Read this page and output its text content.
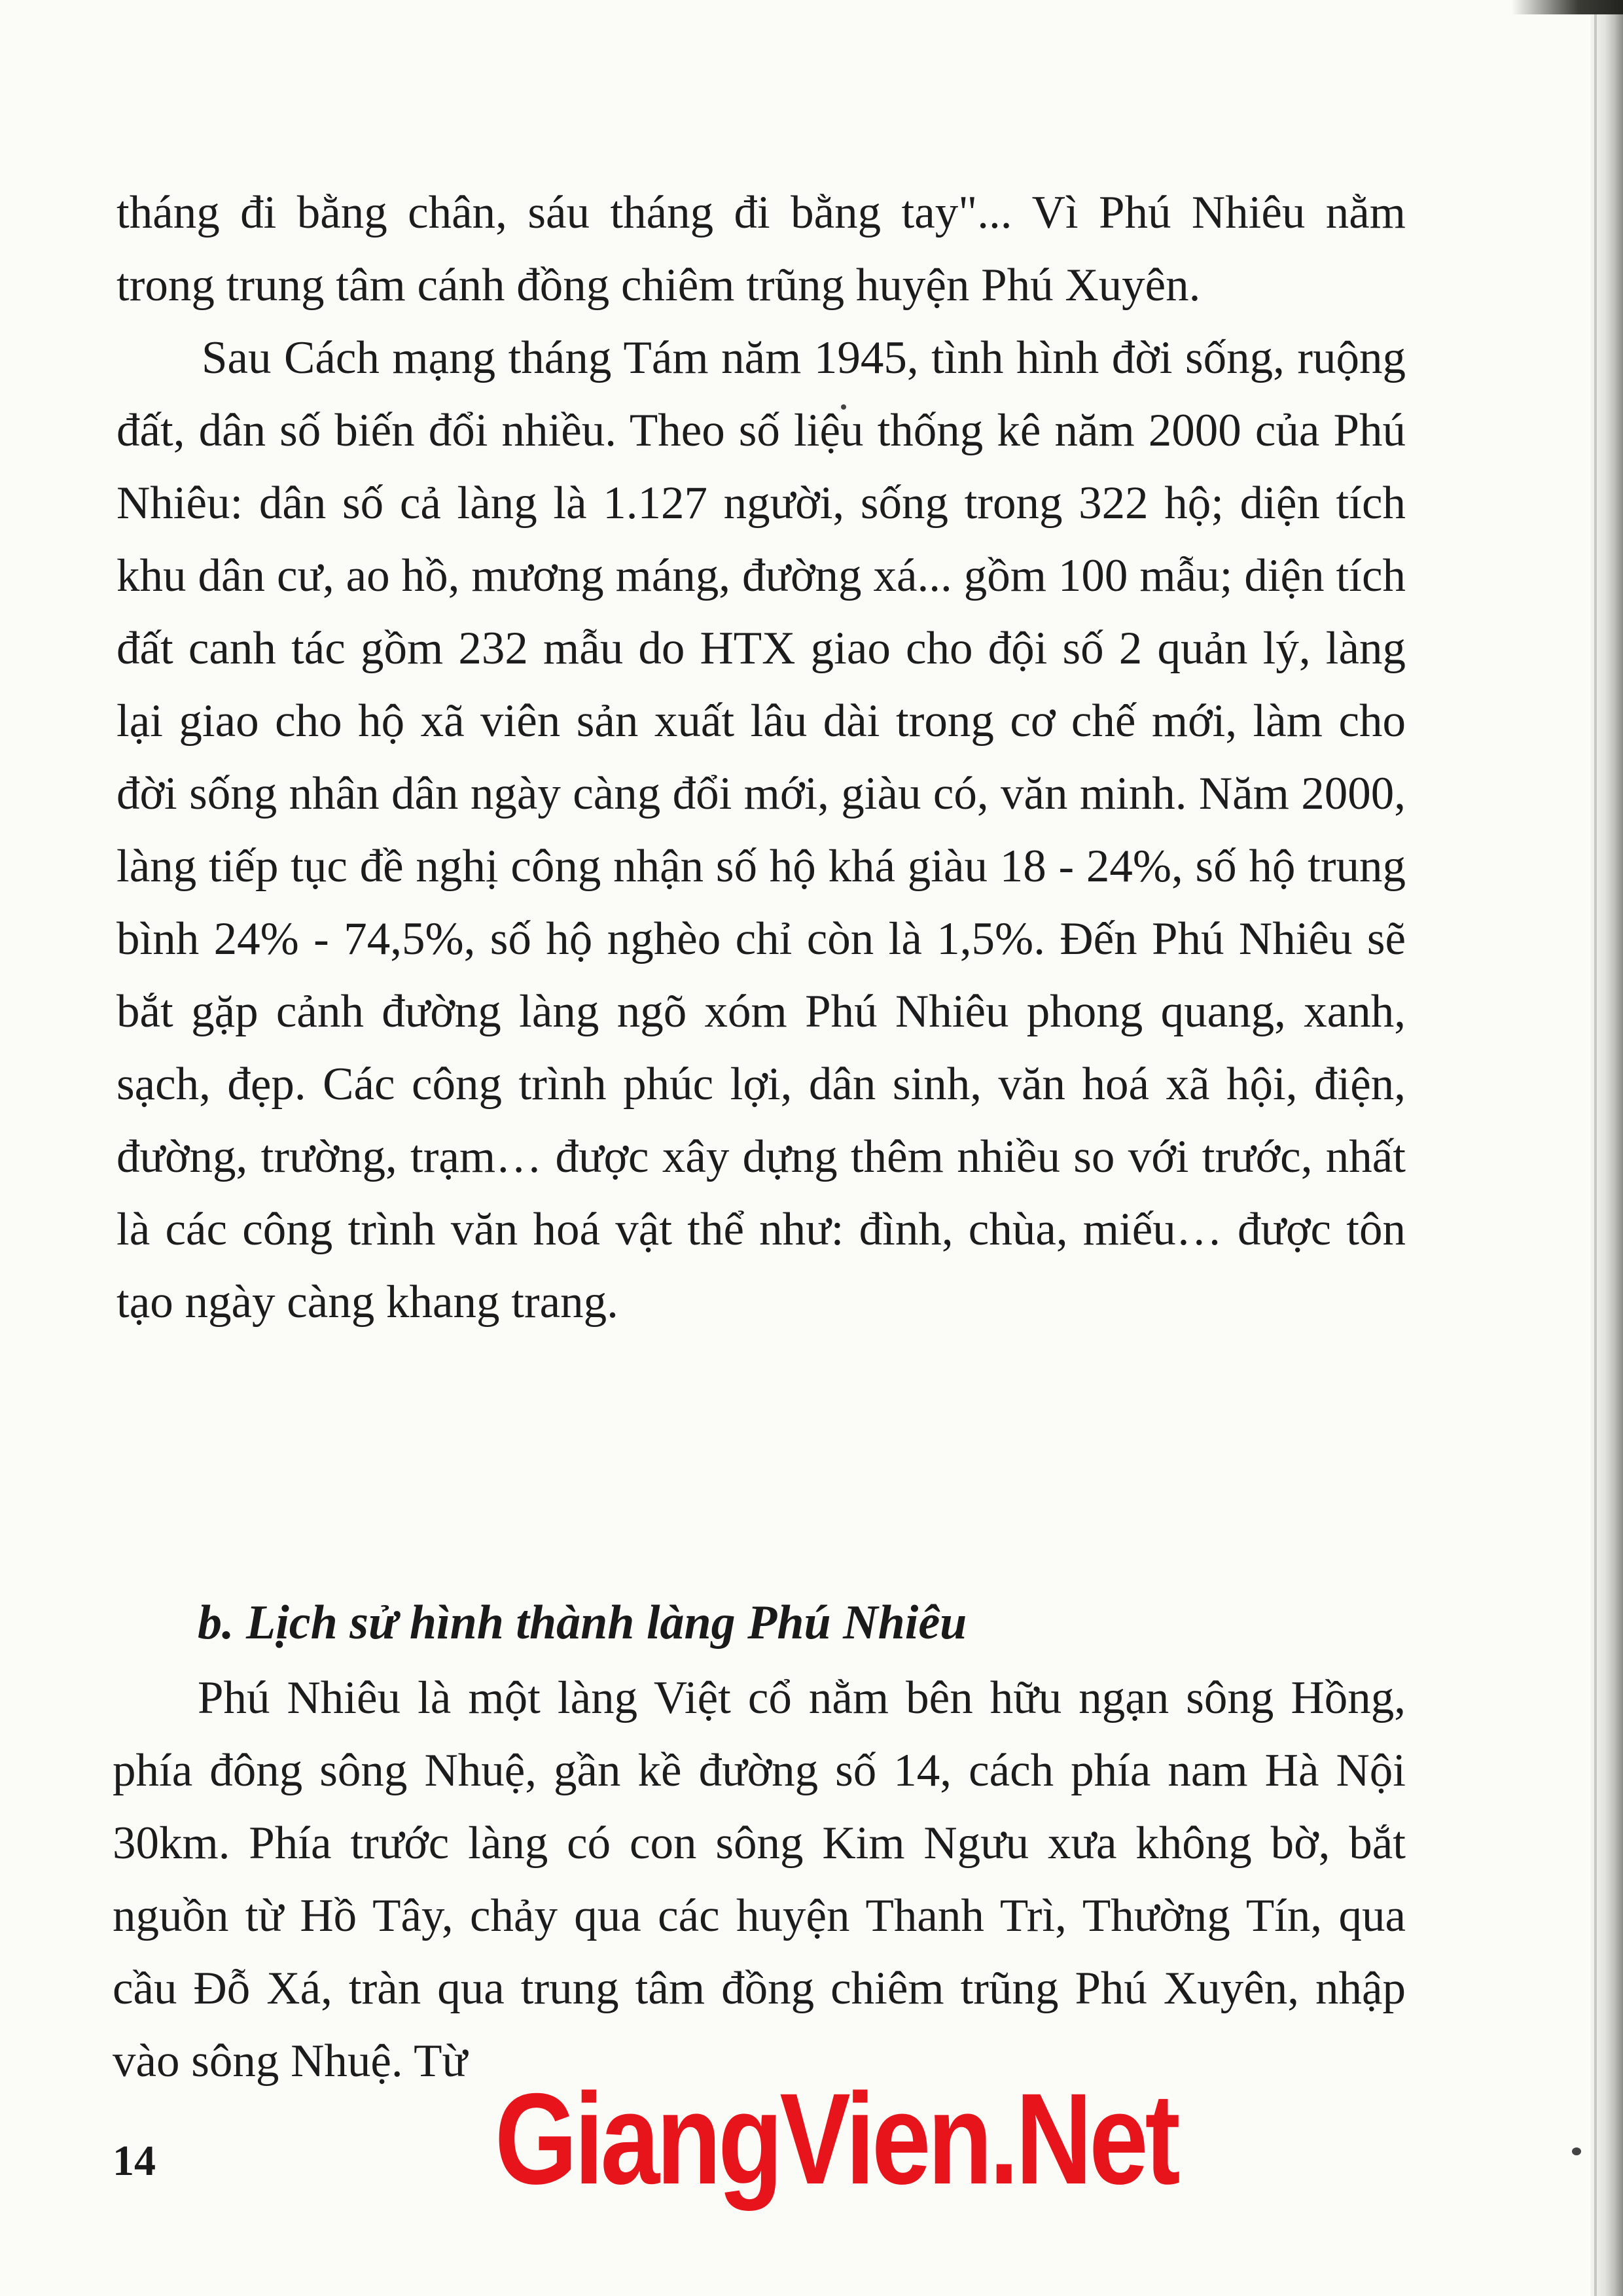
tháng đi bằng chân, sáu tháng đi bằng tay"... Vì Phú Nhiêu nằm trong trung tâm cánh đồng chiêm trũng huyện Phú Xuyên.

Sau Cách mạng tháng Tám năm 1945, tình hình đời sống, ruộng đất, dân số biến đổi nhiều. Theo số liệu thống kê năm 2000 của Phú Nhiêu: dân số cả làng là 1.127 người, sống trong 322 hộ; diện tích khu dân cư, ao hồ, mương máng, đường xá... gồm 100 mẫu; diện tích đất canh tác gồm 232 mẫu do HTX giao cho đội số 2 quản lý, làng lại giao cho hộ xã viên sản xuất lâu dài trong cơ chế mới, làm cho đời sống nhân dân ngày càng đổi mới, giàu có, văn minh. Năm 2000, làng tiếp tục đề nghị công nhận số hộ khá giàu 18 - 24%, số hộ trung bình 24% - 74,5%, số hộ nghèo chỉ còn là 1,5%. Đến Phú Nhiêu sẽ bắt gặp cảnh đường làng ngõ xóm Phú Nhiêu phong quang, xanh, sạch, đẹp. Các công trình phúc lợi, dân sinh, văn hoá xã hội, điện, đường, trường, trạm… được xây dựng thêm nhiều so với trước, nhất là các công trình văn hoá vật thể như: đình, chùa, miếu… được tôn tạo ngày càng khang trang.

b. Lịch sử hình thành làng Phú Nhiêu

Phú Nhiêu là một làng Việt cổ nằm bên hữu ngạn sông Hồng, phía đông sông Nhuệ, gần kề đường số 14, cách phía nam Hà Nội 30km. Phía trước làng có con sông Kim Ngưu xưa không bờ, bắt nguồn từ Hồ Tây, chảy qua các huyện Thanh Trì, Thường Tín, qua cầu Đỗ Xá, tràn qua trung tâm đồng chiêm trũng Phú Xuyên, nhập vào sông Nhuệ. Từ

14	GiangVien.Net
